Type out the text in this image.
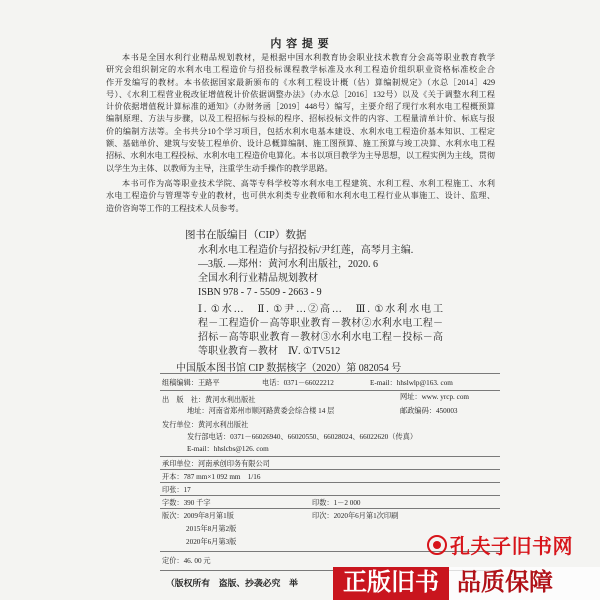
内 容 提 要
本书是全国水利行业精品规划教材，是根据中国水利教育协会职业技术教育分会高等职业教育教学
研究会组织制定的水利水电工程造价与招投标课程教学标准及水利工程造价组织职业资格标准校企合
作开发编写的教材。本书依据国家最新颁布的《水利工程设计概（估）算编制规定》（水总［2014］429
号）、《水利工程营业税改征增值税计价依据调整办法》（办水总［2016］132号）以及《关于调整水利工程
计价依据增值税计算标准的通知》（办财务函［2019］448号）编写，主要介绍了现行水利水电工程概预算
编制原理、方法与步骤，以及工程招标与投标的程序、招标投标文件的内容、工程量清单计价、标底与报
价的编制方法等。全书共分10个学习项目，包括水利水电基本建设、水利水电工程造价基本知识、工程定
额、基础单价、建筑与安装工程单价、设计总概算编制、施工图预算、施工预算与竣工决算、水利水电工程
招标、水利水电工程投标、水利水电工程造价电算化。本书以项目教学为主导思想，以工程实例为主线，贯彻
以学生为主体、以教师为主导，注重学生动手操作的教学思路。
本书可作为高等职业技术学院、高等专科学校等水利水电工程建筑、水利工程、水利工程施工、水利
水电工程造价与管理等专业的教材，也可供水利类专业教师和水利水电工程行业从事施工、设计、监理、
造价咨询等工作的工程技术人员参考。
图书在版编目（CIP）数据
水利水电工程造价与招投标/尹红莲，高琴月主编.
—3版. —郑州：黄河水利出版社，2020. 6
全国水利行业精品规划教材
ISBN 978 - 7 - 5509 - 2663 - 9
Ⅰ. ①水…　Ⅱ. ①尹…②高…　Ⅲ. ①水利水电工
程－工程造价－高等职业教育－教材②水利水电工程－
招标－高等职业教育－教材③水利水电工程－投标－高
等职业教育－教材　Ⅳ. ①TV512
中国版本图书馆 CIP 数据核字（2020）第 082054 号
组稿编辑：王路平	电话：0371－66022212	E-mail：hhslwlp@163. com
出　版　社：黄河水利出版社	网址：www. yrcp. com
地址：河南省郑州市顺河路黄委会综合楼 14 层	邮政编码：450003
发行单位：黄河水利出版社
发行部电话：0371－66026940、66020550、66028024、66022620（传真）
E-mail：hhslcbs@126. com
承印单位：河南承创印务有限公司
开本：787 mm×1 092 mm　1/16
印张：17
字数：390 千字	印数：1－2 000
版次：2009年8月第1版	印次：2020年6月第1次印刷
2015年8月第2版
2020年6月第3版
定价：46. 00 元
（版权所有　盗版、抄袭必究　举
孔夫子旧书网
正版旧书 品质保障
